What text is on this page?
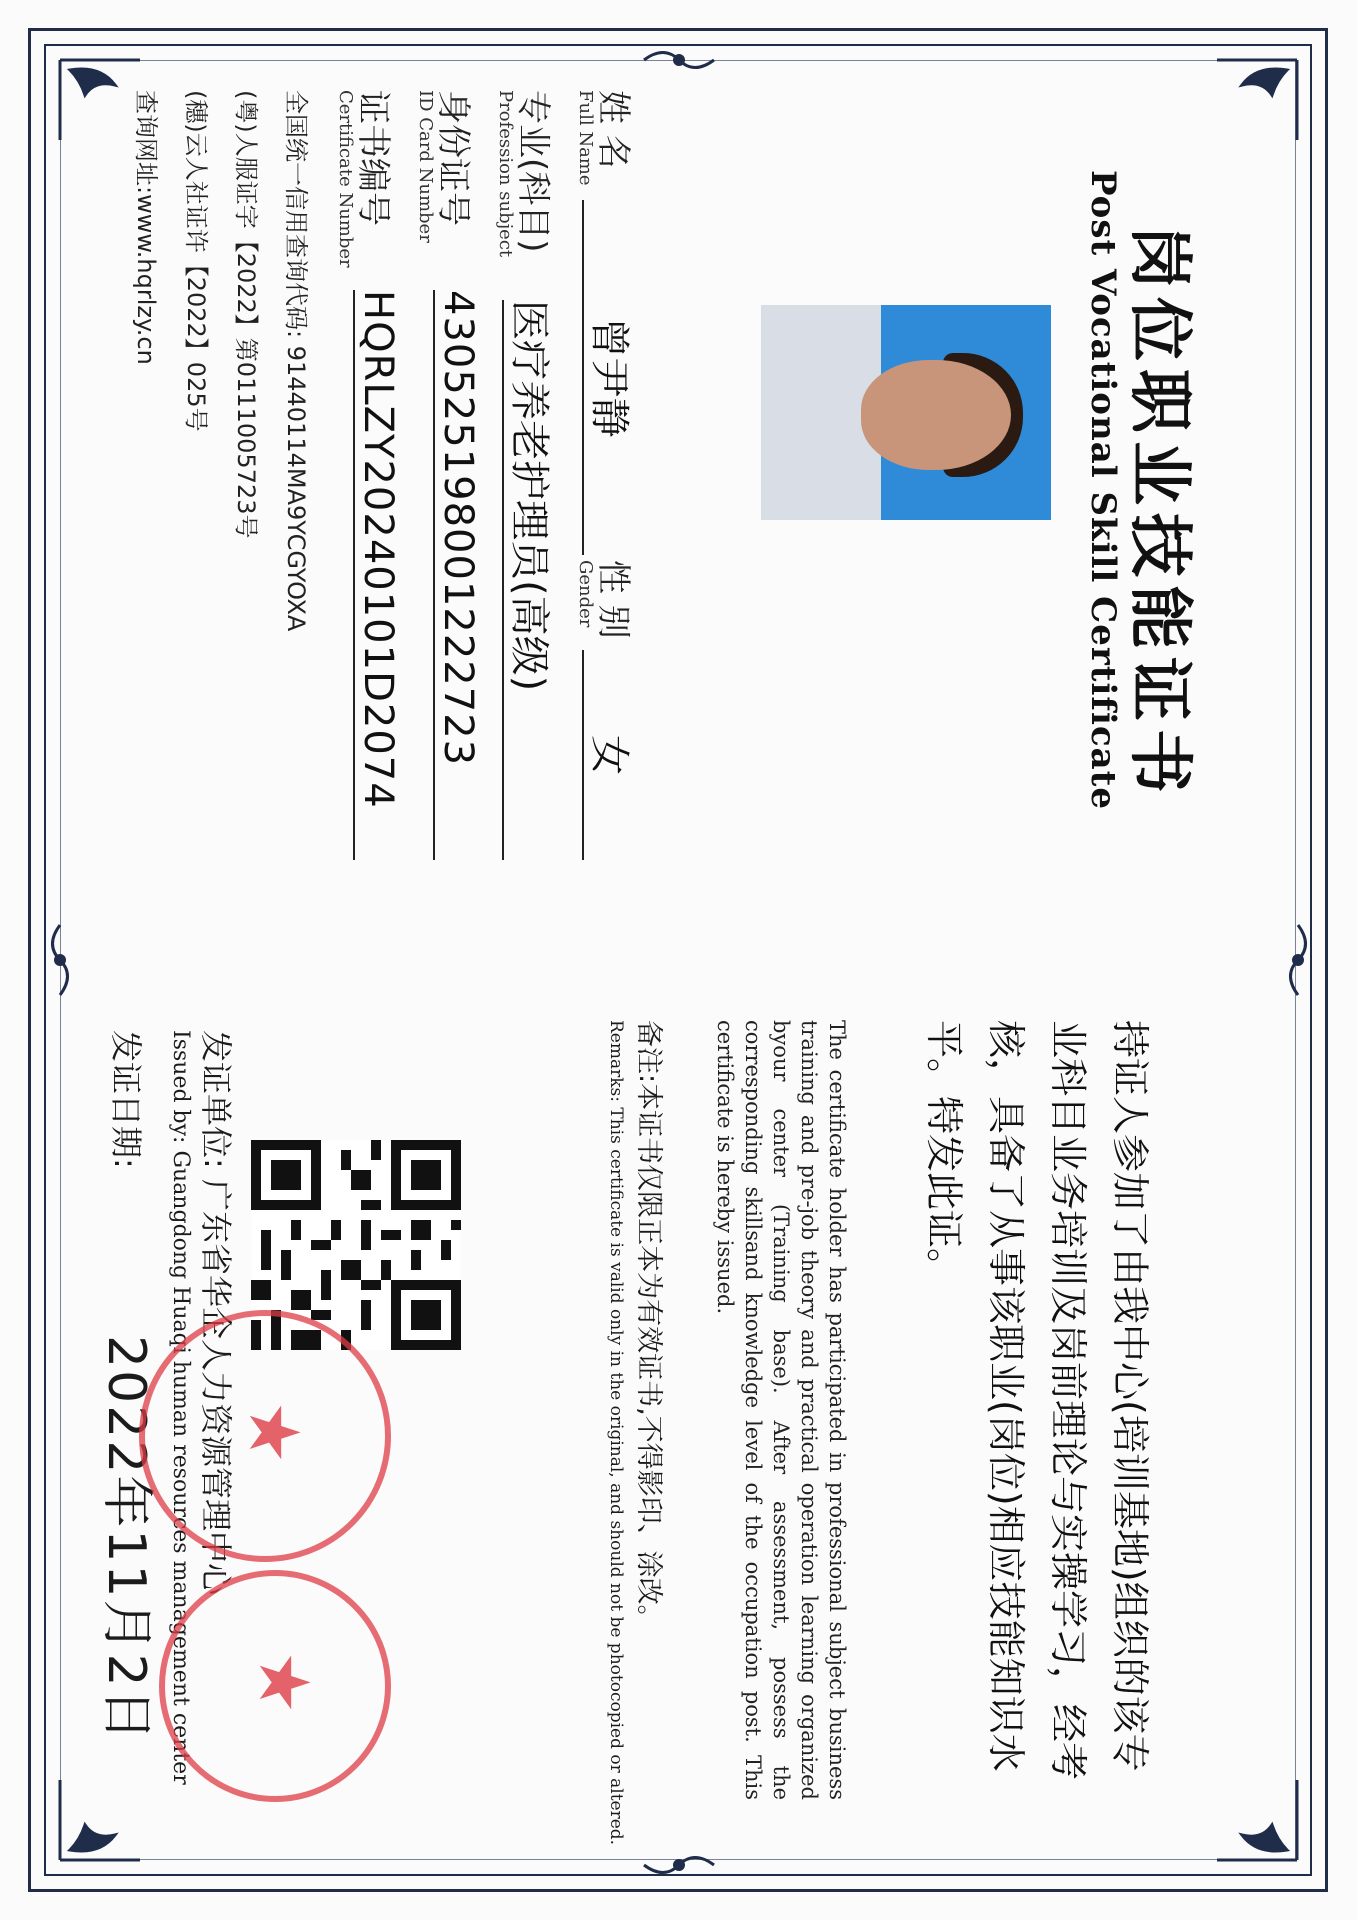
岗位职业技能证书
Post Vocational Skill Certificate
姓 名
Full Name
曾尹静
性 别
Gender
女
专业(科目)
Profession subject
医疗养老护理员(高级)
身份证号
ID Card Number
430525198001222723
证书编号
Certificate Number
HQRLZY20240101D2074
全国统一信用查询代码: 91440114MA9YCGYOXA
(粤)人服证字【2022】第0111005723号
(穗)云人社证许【2022】025号
查询网址:www.hqrlzy.cn
持证人参加了由我中心(培训基地)组织的该专业科目业务培训及岗前理论与实操学习，经考核，具备了从事该职业(岗位)相应技能知识水平。特发此证。
The certificate holder has participated in professional subject business training and pre-job theory and practical operation learning organized byour center (Training base). After assessment, possess the corresponding skillsand knowledge level of the occupation post. This certificate is hereby issued.
备注:本证书仅限正本为有效证书,不得影印、涂改。
Remarks: This certificate is valid only in the original, and should not be photocopied or altered.
发证单位: 广东省华企人力资源管理中心
Issued by: Guangdong Huaqi human resources management center
发证日期:
2022年11月2日 ★
★
